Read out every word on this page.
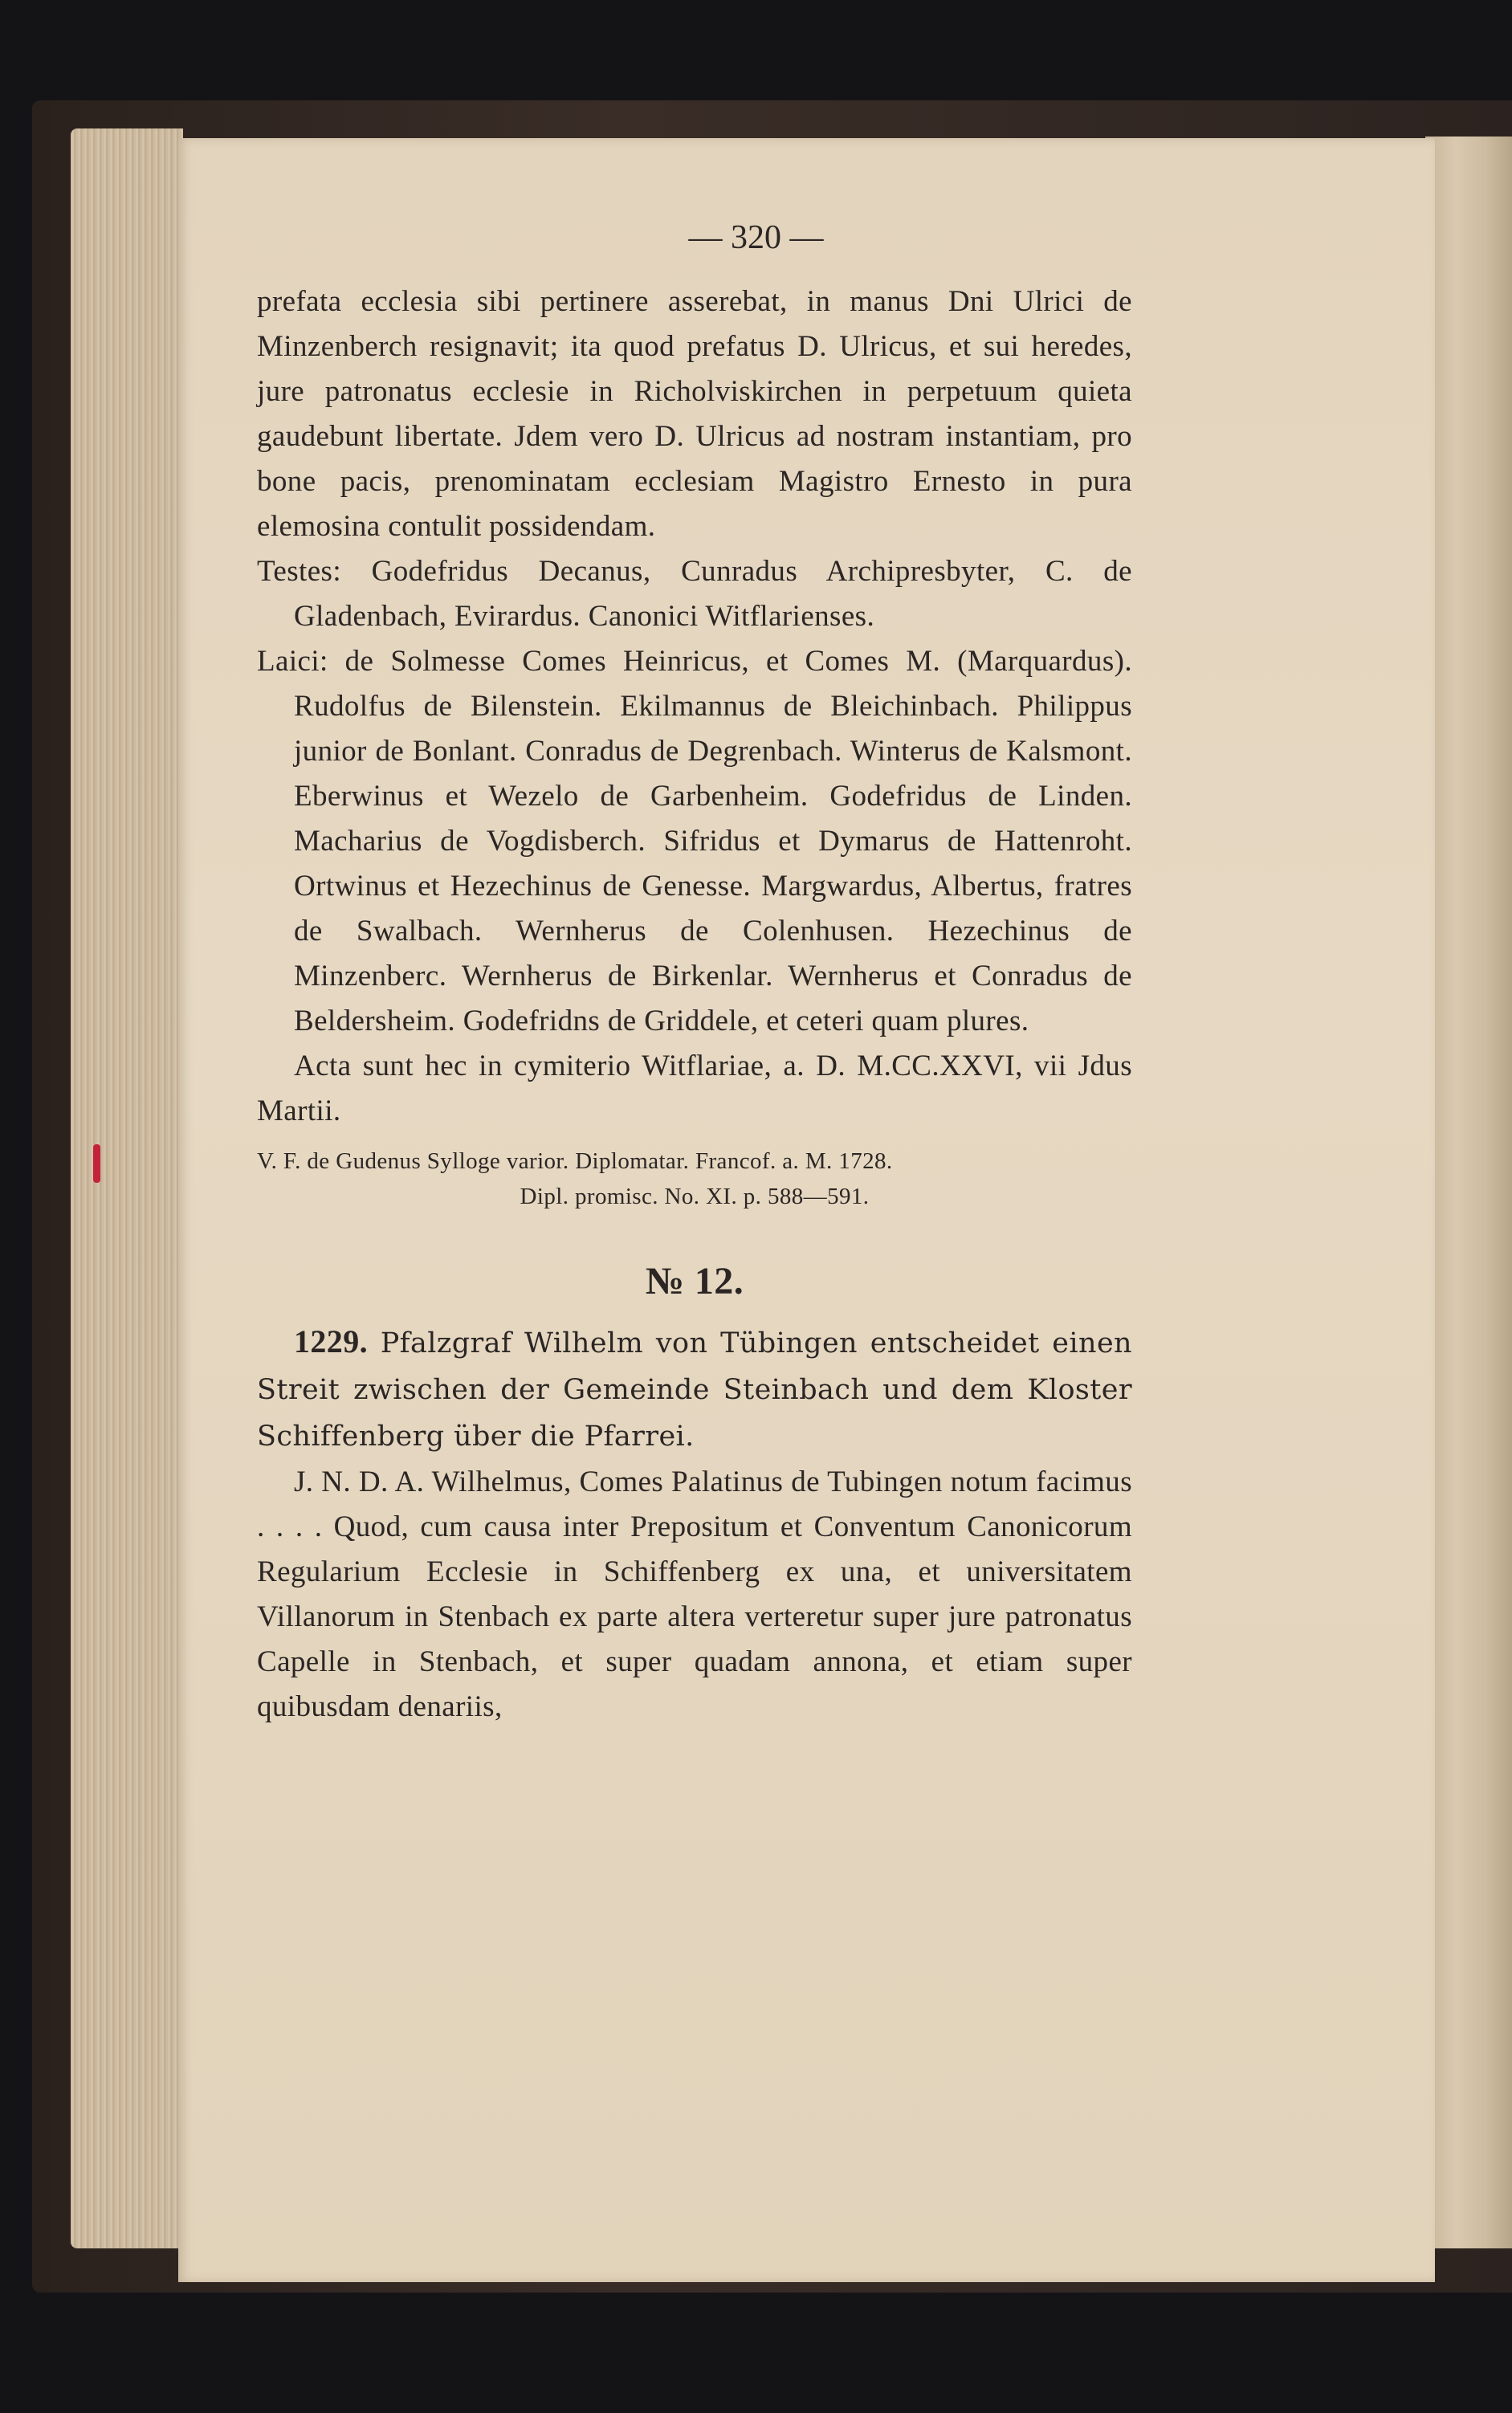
— 320 —

prefata ecclesia sibi pertinere asserebat, in manus Dni Ulrici de Minzenberch resignavit; ita quod prefatus D. Ulricus, et sui heredes, jure patronatus ecclesie in Richolviskirchen in perpetuum quieta gaudebunt libertate. Jdem vero D. Ulricus ad nostram instantiam, pro bone pacis, prenominatam ecclesiam Magistro Ernesto in pura elemosina contulit possidendam.

Testes: Godefridus Decanus, Cunradus Archipresbyter, C. de Gladenbach, Evirardus. Canonici Witflarienses.

Laici: de Solmesse Comes Heinricus, et Comes M. (Marquardus). Rudolfus de Bilenstein. Ekilmannus de Bleichinbach. Philippus junior de Bonlant. Conradus de Degrenbach. Winterus de Kalsmont. Eberwinus et Wezelo de Garbenheim. Godefridus de Linden. Macharius de Vogdisberch. Sifridus et Dymarus de Hattenroht. Ortwinus et Hezechinus de Genesse. Margwardus, Albertus, fratres de Swalbach. Wernherus de Colenhusen. Hezechinus de Minzenberc. Wernherus de Birkenlar. Wernherus et Conradus de Beldersheim. Godefridns de Griddele, et ceteri quam plures.

Acta sunt hec in cymiterio Witflariae, a. D. M.CC.XXVI, vii Jdus Martii.

V. F. de Gudenus Sylloge varior. Diplomatar. Francof. a. M. 1728.

Dipl. promisc. No. XI. p. 588—591.

№ 12.

1229. Pfalzgraf Wilhelm von Tübingen entscheidet einen Streit zwischen der Gemeinde Steinbach und dem Kloster Schiffenberg über die Pfarrei.

J. N. D. A. Wilhelmus, Comes Palatinus de Tubingen notum facimus . . . . Quod, cum causa inter Prepositum et Conventum Canonicorum Regularium Ecclesie in Schiffenberg ex una, et universitatem Villanorum in Stenbach ex parte altera verteretur super jure patronatus Capelle in Stenbach, et super quadam annona, et etiam super quibusdam denariis,
